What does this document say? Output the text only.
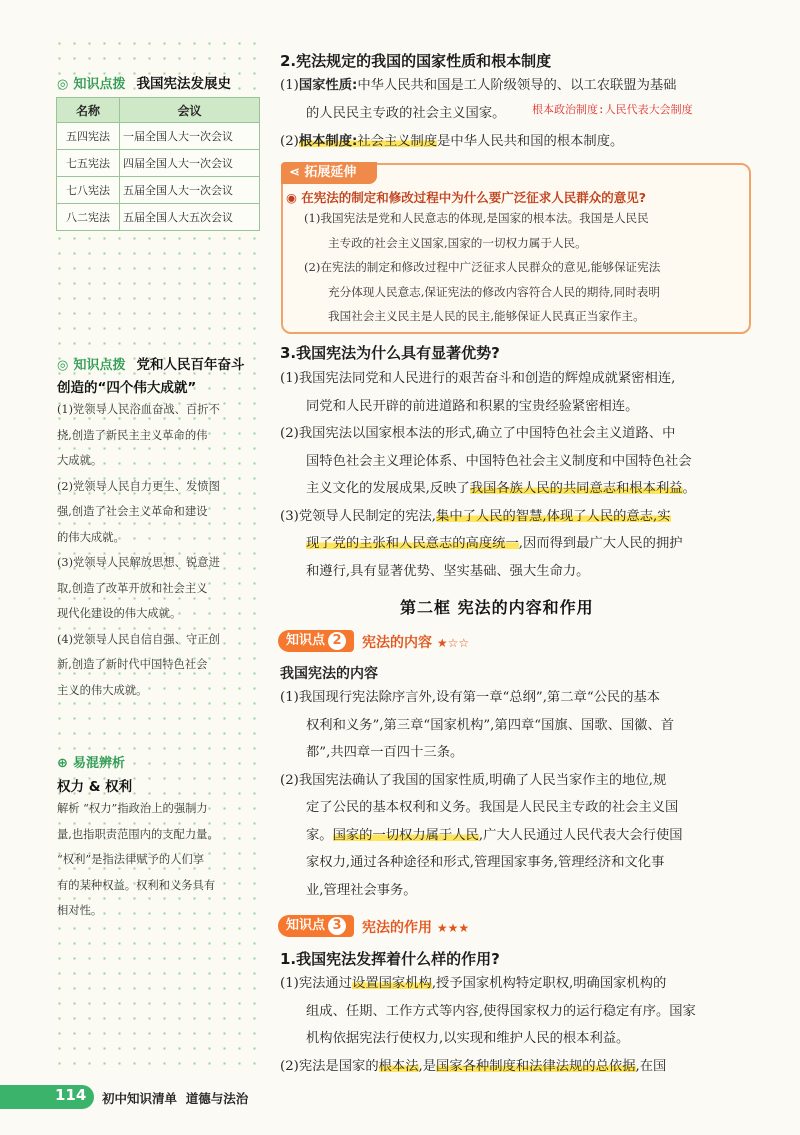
◎ 知识点拨 我国宪法发展史
名称	会议
五四宪法	一届全国人大一次会议
七五宪法	四届全国人大一次会议
七八宪法	五届全国人大一次会议
八二宪法	五届全国人大五次会议
◎ 知识点拨 党和人民百年奋斗
创造的“四个伟大成就”
(1)党领导人民浴血奋战、百折不
挠,创造了新民主主义革命的伟
大成就。
(2)党领导人民自力更生、发愤图
强,创造了社会主义革命和建设
的伟大成就。
(3)党领导人民解放思想、锐意进
取,创造了改革开放和社会主义
现代化建设的伟大成就。
(4)党领导人民自信自强、守正创
新,创造了新时代中国特色社会
主义的伟大成就。
⊕ 易混辨析
权力 & 权利
解析 “权力”指政治上的强制力
量,也指职责范围内的支配力量。
“权利”是指法律赋予的人们享
有的某种权益。权利和义务具有
相对性。
2.宪法规定的我国的国家性质和根本制度
(1)国家性质:中华人民共和国是工人阶级领导的、以工农联盟为基础
的人民民主专政的社会主义国家。	根本政治制度:人民代表大会制度
(2)根本制度:社会主义制度是中华人民共和国的根本制度。
⋖ 拓展延伸
◉ 在宪法的制定和修改过程中为什么要广泛征求人民群众的意见?
(1)我国宪法是党和人民意志的体现,是国家的根本法。我国是人民民
主专政的社会主义国家,国家的一切权力属于人民。
(2)在宪法的制定和修改过程中广泛征求人民群众的意见,能够保证宪法
充分体现人民意志,保证宪法的修改内容符合人民的期待,同时表明
我国社会主义民主是人民的民主,能够保证人民真正当家作主。
3.我国宪法为什么具有显著优势?
(1)我国宪法同党和人民进行的艰苦奋斗和创造的辉煌成就紧密相连,
同党和人民开辟的前进道路和积累的宝贵经验紧密相连。
(2)我国宪法以国家根本法的形式,确立了中国特色社会主义道路、中
国特色社会主义理论体系、中国特色社会主义制度和中国特色社会
主义文化的发展成果,反映了我国各族人民的共同意志和根本利益。
(3)党领导人民制定的宪法,集中了人民的智慧,体现了人民的意志,实
现了党的主张和人民意志的高度统一,因而得到最广大人民的拥护
和遵行,具有显著优势、坚实基础、强大生命力。
第二框 宪法的内容和作用
知识点 2	宪法的内容 ★☆☆
我国宪法的内容
(1)我国现行宪法除序言外,设有第一章“总纲”,第二章“公民的基本
权利和义务”,第三章“国家机构”,第四章“国旗、国歌、国徽、首
都”,共四章一百四十三条。
(2)我国宪法确认了我国的国家性质,明确了人民当家作主的地位,规
定了公民的基本权利和义务。我国是人民民主专政的社会主义国
家。国家的一切权力属于人民,广大人民通过人民代表大会行使国
家权力,通过各种途径和形式,管理国家事务,管理经济和文化事
业,管理社会事务。
知识点 3	宪法的作用 ★★★
1.我国宪法发挥着什么样的作用?
(1)宪法通过设置国家机构,授予国家机构特定职权,明确国家机构的
组成、任期、工作方式等内容,使得国家权力的运行稳定有序。国家
机构依据宪法行使权力,以实现和维护人民的根本利益。
(2)宪法是国家的根本法,是国家各种制度和法律法规的总依据,在国
114 初中知识清单 道德与法治
